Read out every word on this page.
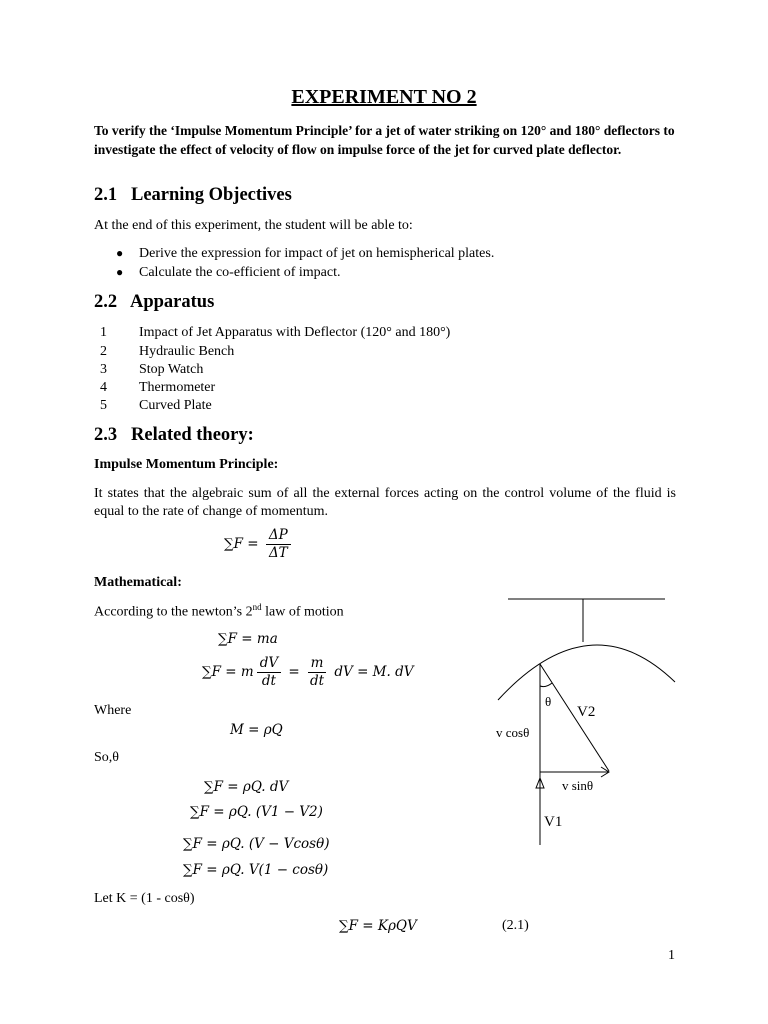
EXPERIMENT NO 2
To verify the ‘Impulse Momentum Principle’ for a jet of water striking on 120° and 180° deflectors to investigate the effect of velocity of flow on impulse force of the jet for curved plate deflector.
2.1   Learning Objectives
At the end of this experiment, the student will be able to:
● Derive the expression for impact of jet on hemispherical plates.
● Calculate the co-efficient of impact.
2.2   Apparatus
1 Impact of Jet Apparatus with Deflector (120° and 180°)
2 Hydraulic Bench
3 Stop Watch
4 Thermometer
5 Curved Plate
2.3   Related theory:
Impulse Momentum Principle:
It states that the algebraic sum of all the external forces acting on the control volume of the fluid is equal to the rate of change of momentum.
$\sum F = \frac{\Delta P}{\Delta T}$
Mathematical:
According to the newton’s 2nd law of motion
∑F = ma
∑F = m $\frac{dV}{dt} = \frac{m}{dt}$ dV = M. dV
Where
M = ρQ
So,θ
∑F = ρQ. dV
∑F = ρQ. (V1 − V2)
∑F = ρQ. (V − Vcosθ)
∑F = ρQ. V(1 − cosθ)
Let K = (1 - cosθ)
∑F = KρQV	(2.1)
θ
V2
v cosθ
v sinθ
V1
1
